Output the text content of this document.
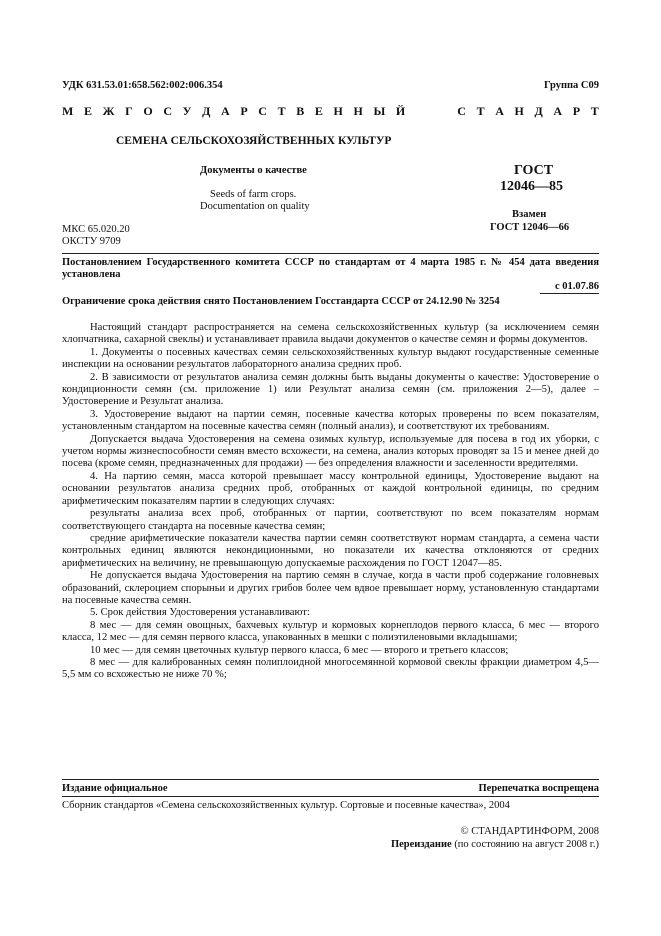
УДК 631.53.01:658.562:002:006.354	Группа С09
М Е Ж Г О С У Д А Р С Т В Е Н Н Ы Й     С Т А Н Д А Р Т
СЕМЕНА СЕЛЬСКОХОЗЯЙСТВЕННЫХ КУЛЬТУР
Документы о качестве
Seeds of farm crops.
Documentation on quality
ГОСТ
12046—85
Взамен
ГОСТ 12046—66
МКС 65.020.20
ОКСТУ 9709
Постановлением Государственного комитета СССР по стандартам от 4 марта 1985 г. № 454 дата введения установлена
с 01.07.86
Ограничение срока действия снято Постановлением Госстандарта СССР от 24.12.90 № 3254

Настоящий стандарт распространяется на семена сельскохозяйственных культур (за исключением семян хлопчатника, сахарной свеклы) и устанавливает правила выдачи документов о качестве семян и формы документов.

1. Документы о посевных качествах семян сельскохозяйственных культур выдают государственные семенные инспекции на основании результатов лабораторного анализа средних проб.

2. В зависимости от результатов анализа семян должны быть выданы документы о качестве: Удостоверение о кондиционности семян (см. приложение 1) или Результат анализа семян (см. приложения 2—5), далее – Удостоверение и Результат анализа.

3. Удостоверение выдают на партии семян, посевные качества которых проверены по всем показателям, установленным стандартом на посевные качества семян (полный анализ), и соответствуют их требованиям.

Допускается выдача Удостоверения на семена озимых культур, используемые для посева в год их уборки, с учетом нормы жизнеспособности семян вместо всхожести, на семена, анализ которых проводят за 15 и менее дней до посева (кроме семян, предназначенных для продажи) — без определения влажности и заселенности вредителями.

4. На партию семян, масса которой превышает массу контрольной единицы, Удостоверение выдают на основании результатов анализа средних проб, отобранных от каждой контрольной единицы, по средним арифметическим показателям партии в следующих случаях:

результаты анализа всех проб, отобранных от партии, соответствуют по всем показателям нормам соответствующего стандарта на посевные качества семян;

средние арифметические показатели качества партии семян соответствуют нормам стандарта, а семена части контрольных единиц являются некондиционными, но показатели их качества отклоняются от средних арифметических на величину, не превышающую допускаемые расхождения по ГОСТ 12047—85.

Не допускается выдача Удостоверения на партию семян в случае, когда в части проб содержание головневых образований, склероцием спорыньи и других грибов более чем вдвое превышает норму, установленную стандартами на посевные качества семян.

5. Срок действия Удостоверения устанавливают:

8 мес — для семян овощных, бахчевых культур и кормовых корнеплодов первого класса, 6 мес — второго класса, 12 мес — для семян первого класса, упакованных в мешки с полиэтиленовыми вкладышами;

10 мес — для семян цветочных культур первого класса, 6 мес — второго и третьего классов;

8 мес — для калиброванных семян полиплоидной многосемянной кормовой свеклы фракции диаметром 4,5—5,5 мм со всхожестью не ниже 70 %;

Издание официальное	Перепечатка воспрещена
Сборник стандартов «Семена сельскохозяйственных культур. Сортовые и посевные качества», 2004
© СТАНДАРТИНФОРМ, 2008
Переиздание (по состоянию на август 2008 г.)
